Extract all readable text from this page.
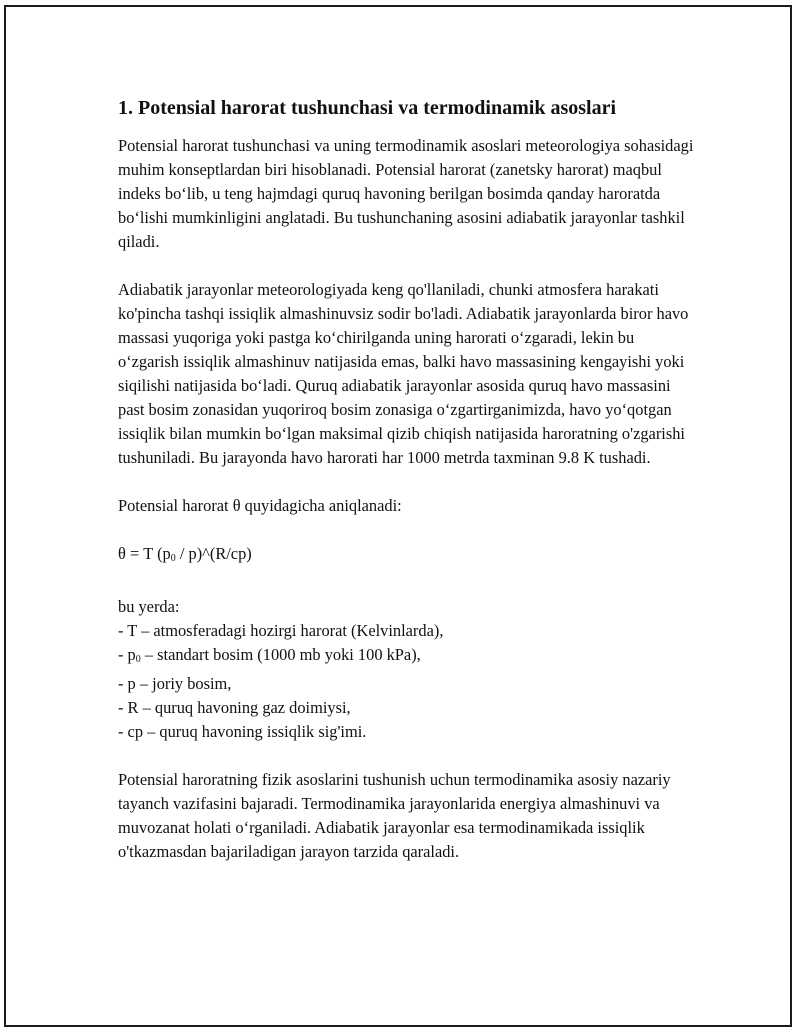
1. Potensial harorat tushunchasi va termodinamik asoslari

Potensial harorat tushunchasi va uning termodinamik asoslari meteorologiya sohasidagi muhim konseptlardan biri hisoblanadi. Potensial harorat (zanetsky harorat) maqbul indeks bo‘lib, u teng hajmdagi quruq havoning berilgan bosimda qanday haroratda bo‘lishi mumkinligini anglatadi. Bu tushunchaning asosini adiabatik jarayonlar tashkil qiladi.

Adiabatik jarayonlar meteorologiyada keng qo'llaniladi, chunki atmosfera harakati ko'pincha tashqi issiqlik almashinuvsiz sodir bo'ladi. Adiabatik jarayonlarda biror havo massasi yuqoriga yoki pastga ko‘chirilganda uning harorati o‘zgaradi, lekin bu o‘zgarish issiqlik almashinuv natijasida emas, balki havo massasining kengayishi yoki siqilishi natijasida bo‘ladi. Quruq adiabatik jarayonlar asosida quruq havo massasini past bosim zonasidan yuqoriroq bosim zonasiga o‘zgartirganimizda, havo yo‘qotgan issiqlik bilan mumkin bo‘lgan maksimal qizib chiqish natijasida haroratning o'zgarishi tushuniladi. Bu jarayonda havo harorati har 1000 metrda taxminan 9.8 K tushadi.

Potensial harorat θ quyidagicha aniqlanadi:

θ = T ($p_0$ / p)^(R/cp)

bu yerda:
- T – atmosferadagi hozirgi harorat (Kelvinlarda),
- $p_0$ – standart bosim (1000 mb yoki 100 kPa),
- p – joriy bosim,
- R – quruq havoning gaz doimiysi,
- cp – quruq havoning issiqlik sig'imi.

Potensial haroratning fizik asoslarini tushunish uchun termodinamika asosiy nazariy tayanch vazifasini bajaradi. Termodinamika jarayonlarida energiya almashinuvi va muvozanat holati o‘rganiladi. Adiabatik jarayonlar esa termodinamikada issiqlik o'tkazmasdan bajariladigan jarayon tarzida qaraladi.
